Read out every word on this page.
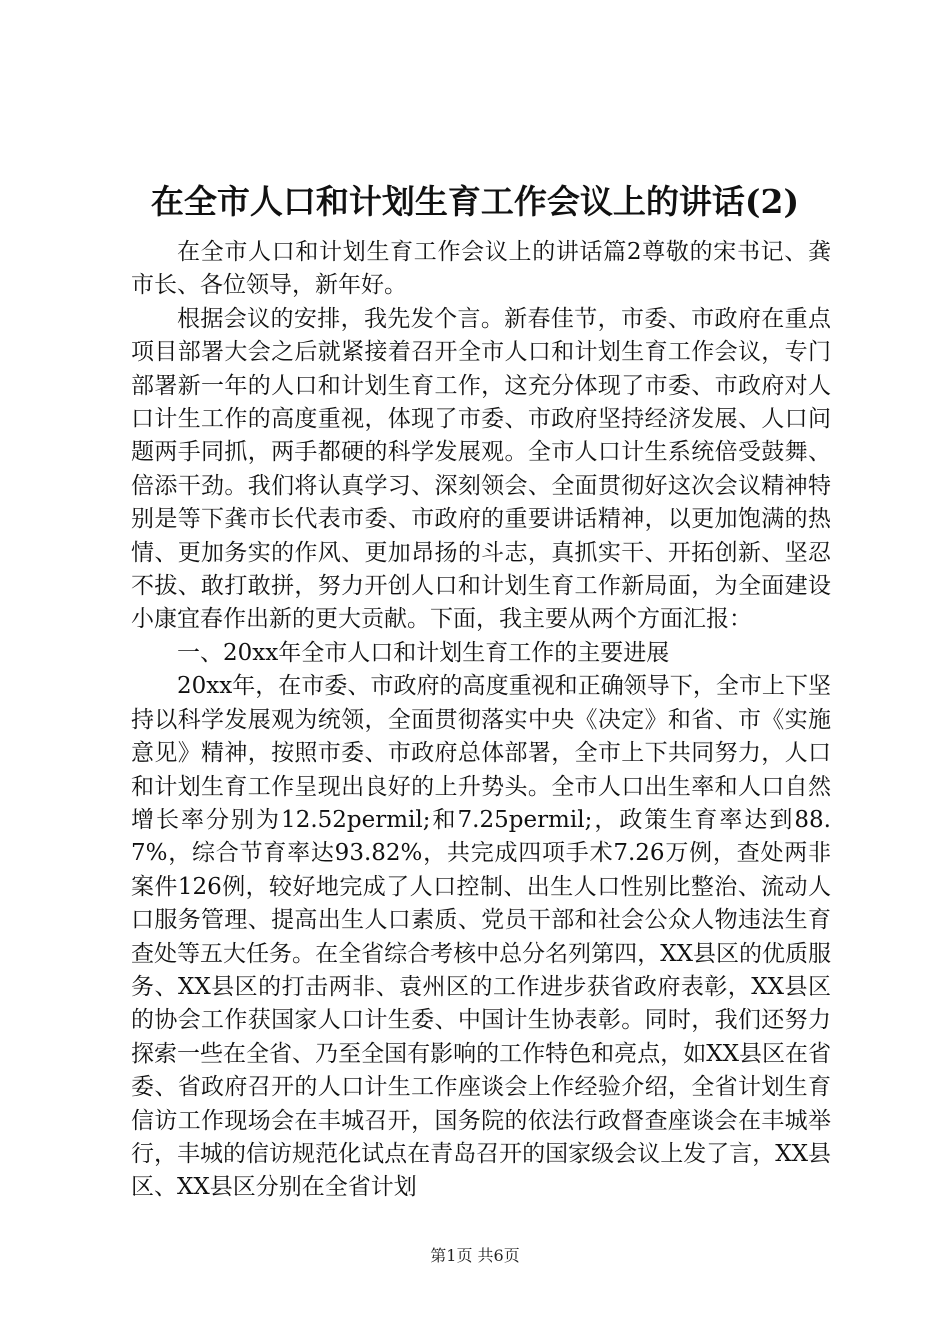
在全市人口和计划生育工作会议上的讲话(2)

在全市人口和计划生育工作会议上的讲话篇2尊敬的宋书记、龚市长、各位领导，新年好。

根据会议的安排，我先发个言。新春佳节，市委、市政府在重点项目部署大会之后就紧接着召开全市人口和计划生育工作会议，专门部署新一年的人口和计划生育工作，这充分体现了市委、市政府对人口计生工作的高度重视，体现了市委、市政府坚持经济发展、人口问题两手同抓，两手都硬的科学发展观。全市人口计生系统倍受鼓舞、倍添干劲。我们将认真学习、深刻领会、全面贯彻好这次会议精神特别是等下龚市长代表市委、市政府的重要讲话精神，以更加饱满的热情、更加务实的作风、更加昂扬的斗志，真抓实干、开拓创新、坚忍不拔、敢打敢拼，努力开创人口和计划生育工作新局面，为全面建设小康宜春作出新的更大贡献。下面，我主要从两个方面汇报：

一、20xx年全市人口和计划生育工作的主要进展

20xx年，在市委、市政府的高度重视和正确领导下，全市上下坚持以科学发展观为统领，全面贯彻落实中央《决定》和省、市《实施意见》精神，按照市委、市政府总体部署，全市上下共同努力，人口和计划生育工作呈现出良好的上升势头。全市人口出生率和人口自然增长率分别为12.52permil;和7.25permil;，政策生育率达到88.7%，综合节育率达93.82%，共完成四项手术7.26万例，查处两非案件126例，较好地完成了人口控制、出生人口性别比整治、流动人口服务管理、提高出生人口素质、党员干部和社会公众人物违法生育查处等五大任务。在全省综合考核中总分名列第四，XX县区的优质服务、XX县区的打击两非、袁州区的工作进步获省政府表彰，XX县区的协会工作获国家人口计生委、中国计生协表彰。同时，我们还努力探索一些在全省、乃至全国有影响的工作特色和亮点，如XX县区在省委、省政府召开的人口计生工作座谈会上作经验介绍，全省计划生育信访工作现场会在丰城召开，国务院的依法行政督查座谈会在丰城举行，丰城的信访规范化试点在青岛召开的国家级会议上发了言，XX县区、XX县区分别在全省计划

第1页 共6页
